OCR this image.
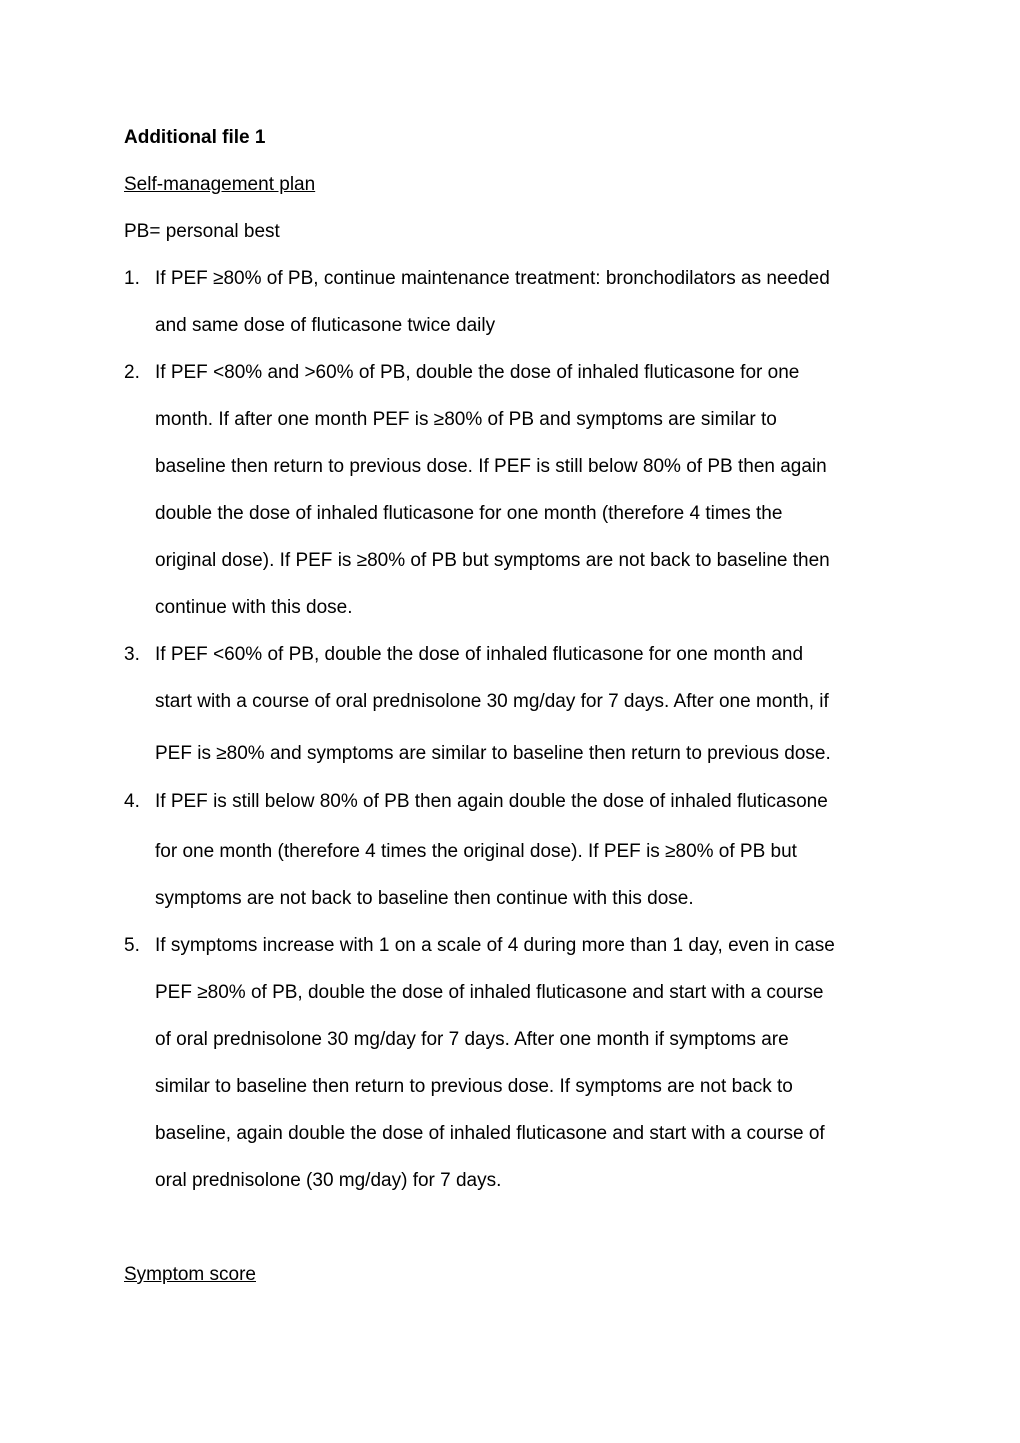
Additional file 1
Self-management plan
PB= personal best
If PEF ≥80% of PB, continue maintenance treatment: bronchodilators as needed
and same dose of fluticasone twice daily
1.
If PEF <80% and >60% of PB, double the dose of inhaled fluticasone for one
month. If after one month PEF is ≥80% of PB and symptoms are similar to
baseline then return to previous dose. If PEF is still below 80% of PB then again
double the dose of inhaled fluticasone for one month (therefore 4 times the
original dose). If PEF is ≥80% of PB but symptoms are not back to baseline then
continue with this dose.
2.
If PEF <60% of PB, double the dose of inhaled fluticasone for one month and
start with a course of oral prednisolone 30 mg/day for 7 days. After one month, if
PEF is ≥80% and symptoms are similar to baseline then return to previous dose.
3.
If PEF is still below 80% of PB then again double the dose of inhaled fluticasone
for one month (therefore 4 times the original dose). If PEF is ≥80% of PB but
symptoms are not back to baseline then continue with this dose.
4.
If symptoms increase with 1 on a scale of 4 during more than 1 day, even in case
PEF ≥80% of PB, double the dose of inhaled fluticasone and start with a course
of oral prednisolone 30 mg/day for 7 days. After one month if symptoms are
similar to baseline then return to previous dose. If symptoms are not back to
baseline, again double the dose of inhaled fluticasone and start with a course of
oral prednisolone (30 mg/day) for 7 days.
5.
Symptom score
